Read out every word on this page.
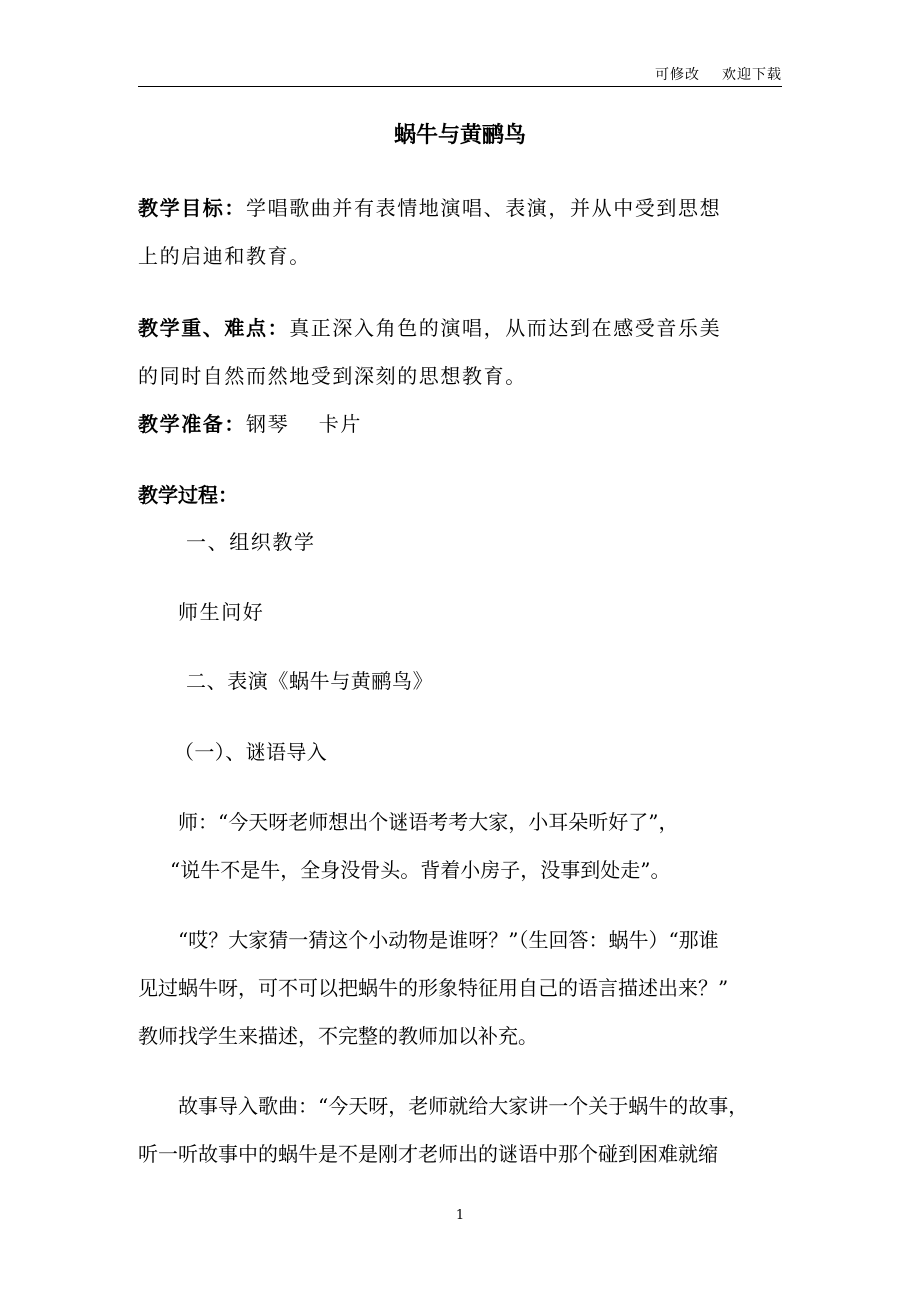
可修改 欢迎下载
蜗牛与黄鹂鸟
教学目标：学唱歌曲并有表情地演唱、表演，并从中受到思想
上的启迪和教育。
教学重、难点：真正深入角色的演唱，从而达到在感受音乐美
的同时自然而然地受到深刻的思想教育。
教学准备：钢琴　 卡片
教学过程：
一、组织教学
师生问好
二、表演《蜗牛与黄鹂鸟》
（一）、谜语导入
师：“今天呀老师想出个谜语考考大家，小耳朵听好了”，
“说牛不是牛，全身没骨头。背着小房子，没事到处走”。
“哎？大家猜一猜这个小动物是谁呀？”（生回答：蜗牛）“那谁
见过蜗牛呀，可不可以把蜗牛的形象特征用自己的语言描述出来？”
教师找学生来描述，不完整的教师加以补充。
故事导入歌曲：“今天呀，老师就给大家讲一个关于蜗牛的故事，
听一听故事中的蜗牛是不是刚才老师出的谜语中那个碰到困难就缩
1
